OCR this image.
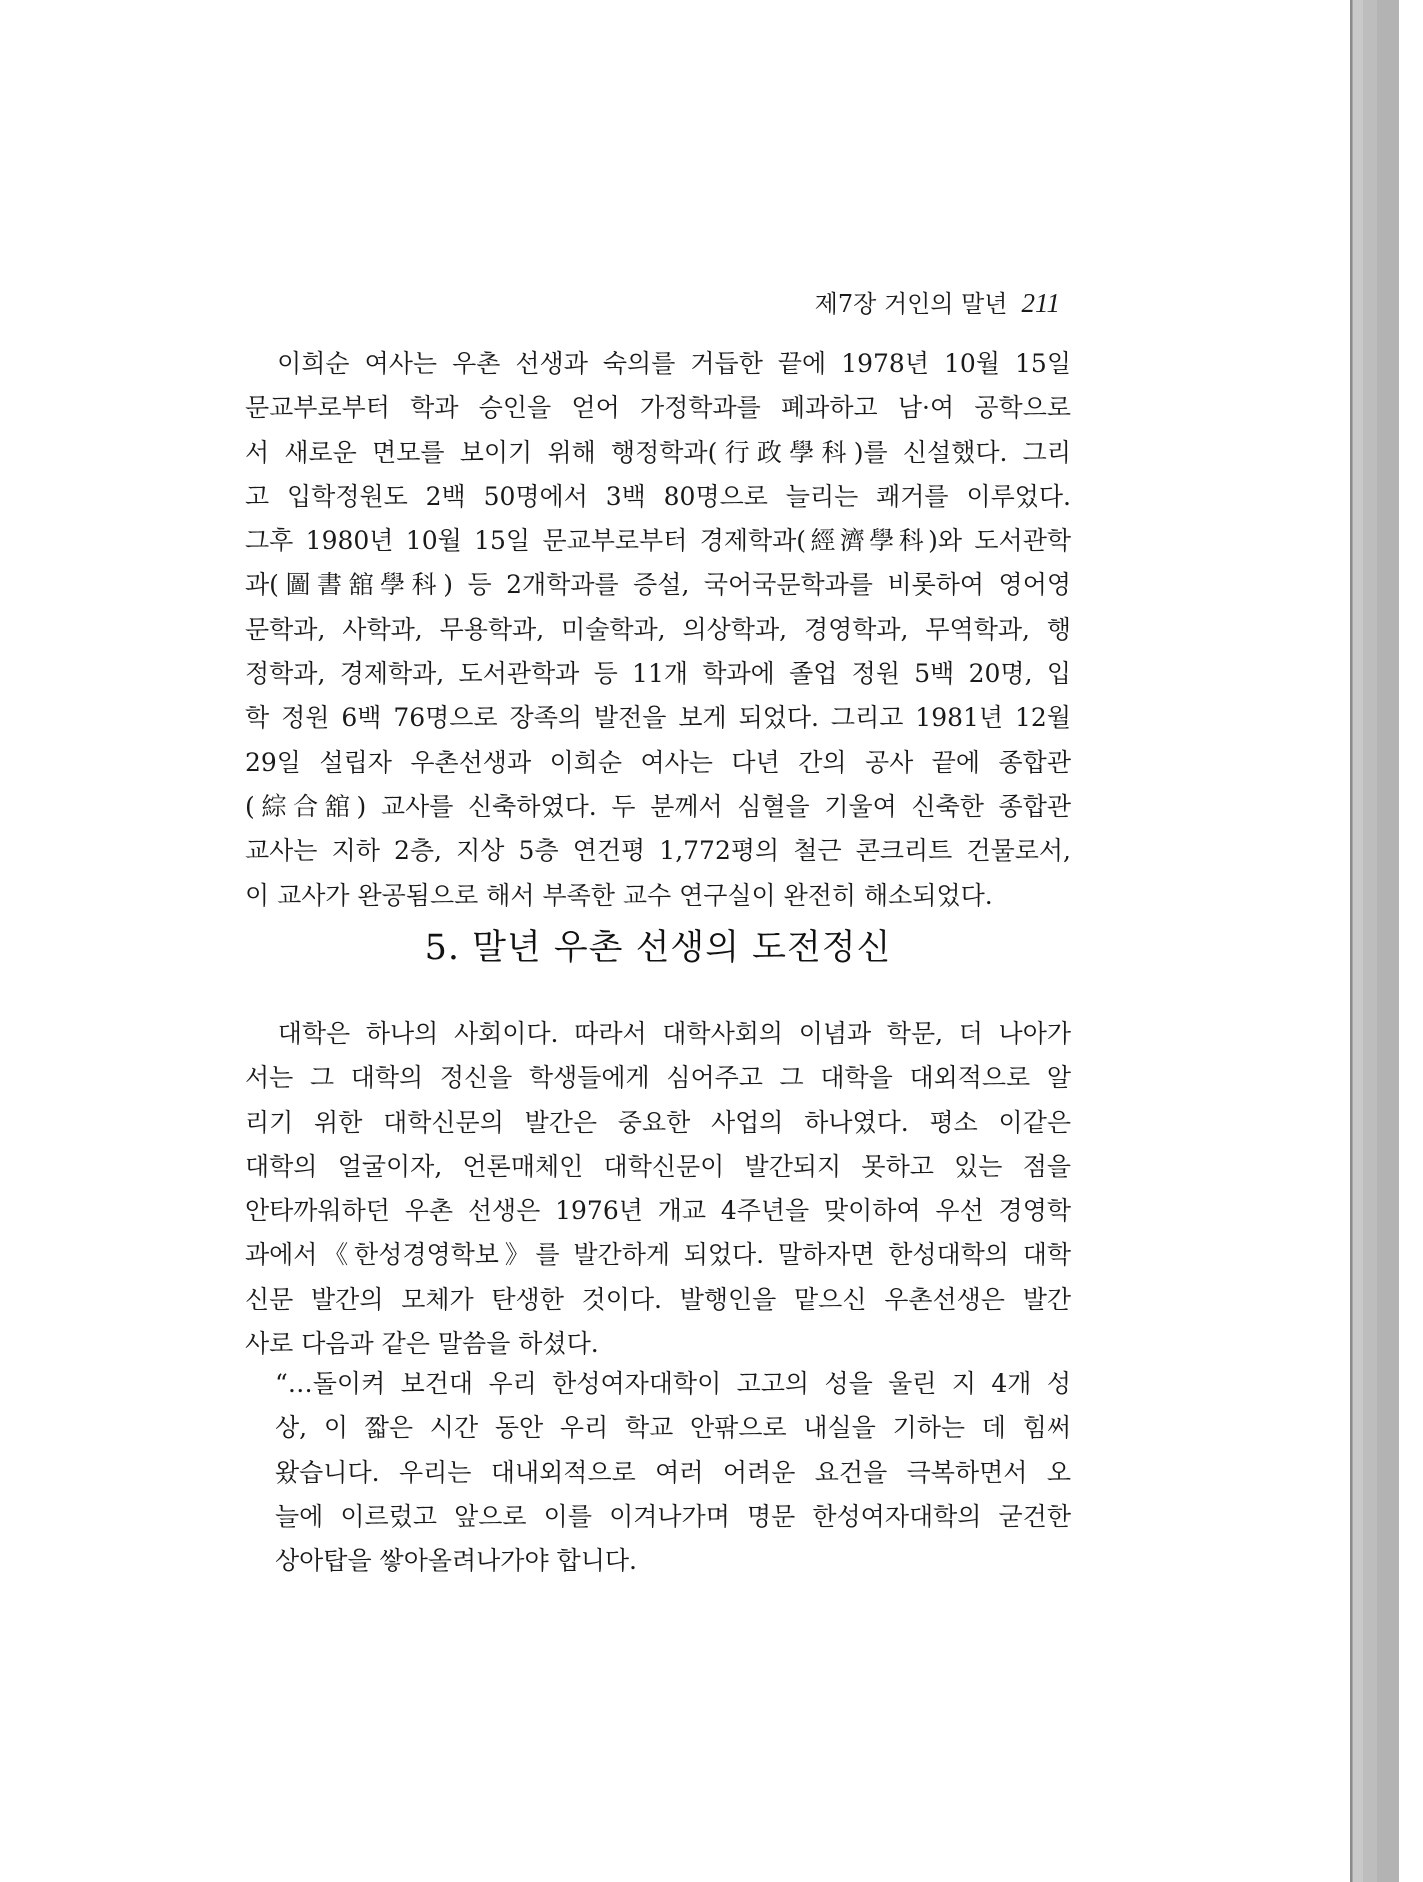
제7장 거인의 말년 211
　이희순 여사는 우촌 선생과 숙의를 거듭한 끝에 1978년 10월 15일
문교부로부터 학과 승인을 얻어 가정학과를 폐과하고 남·여 공학으로
서 새로운 면모를 보이기 위해 행정학과(行政學科)를 신설했다. 그리
고 입학정원도 2백 50명에서 3백 80명으로 늘리는 쾌거를 이루었다.
그후 1980년 10월 15일 문교부로부터 경제학과(經濟學科)와 도서관학
과(圖書舘學科) 등 2개학과를 증설, 국어국문학과를 비롯하여 영어영
문학과, 사학과, 무용학과, 미술학과, 의상학과, 경영학과, 무역학과, 행
정학과, 경제학과, 도서관학과 등 11개 학과에 졸업 정원 5백 20명, 입
학 정원 6백 76명으로 장족의 발전을 보게 되었다. 그리고 1981년 12월
29일 설립자 우촌선생과 이희순 여사는 다년 간의 공사 끝에 종합관
(綜合舘) 교사를 신축하였다. 두 분께서 심혈을 기울여 신축한 종합관
교사는 지하 2층, 지상 5층 연건평 1,772평의 철근 콘크리트 건물로서,
이 교사가 완공됨으로 해서 부족한 교수 연구실이 완전히 해소되었다.
5. 말년 우촌 선생의 도전정신
　대학은 하나의 사회이다. 따라서 대학사회의 이념과 학문, 더 나아가
서는 그 대학의 정신을 학생들에게 심어주고 그 대학을 대외적으로 알
리기 위한 대학신문의 발간은 중요한 사업의 하나였다. 평소 이같은
대학의 얼굴이자, 언론매체인 대학신문이 발간되지 못하고 있는 점을
안타까워하던 우촌 선생은 1976년 개교 4주년을 맞이하여 우선 경영학
과에서《한성경영학보》를 발간하게 되었다. 말하자면 한성대학의 대학
신문 발간의 모체가 탄생한 것이다. 발행인을 맡으신 우촌선생은 발간
사로 다음과 같은 말씀을 하셨다.
“…돌이켜 보건대 우리 한성여자대학이 고고의 성을 울린 지 4개 성
상, 이 짧은 시간 동안 우리 학교 안팎으로 내실을 기하는 데 힘써
왔습니다. 우리는 대내외적으로 여러 어려운 요건을 극복하면서 오
늘에 이르렀고 앞으로 이를 이겨나가며 명문 한성여자대학의 굳건한
상아탑을 쌓아올려나가야 합니다.
